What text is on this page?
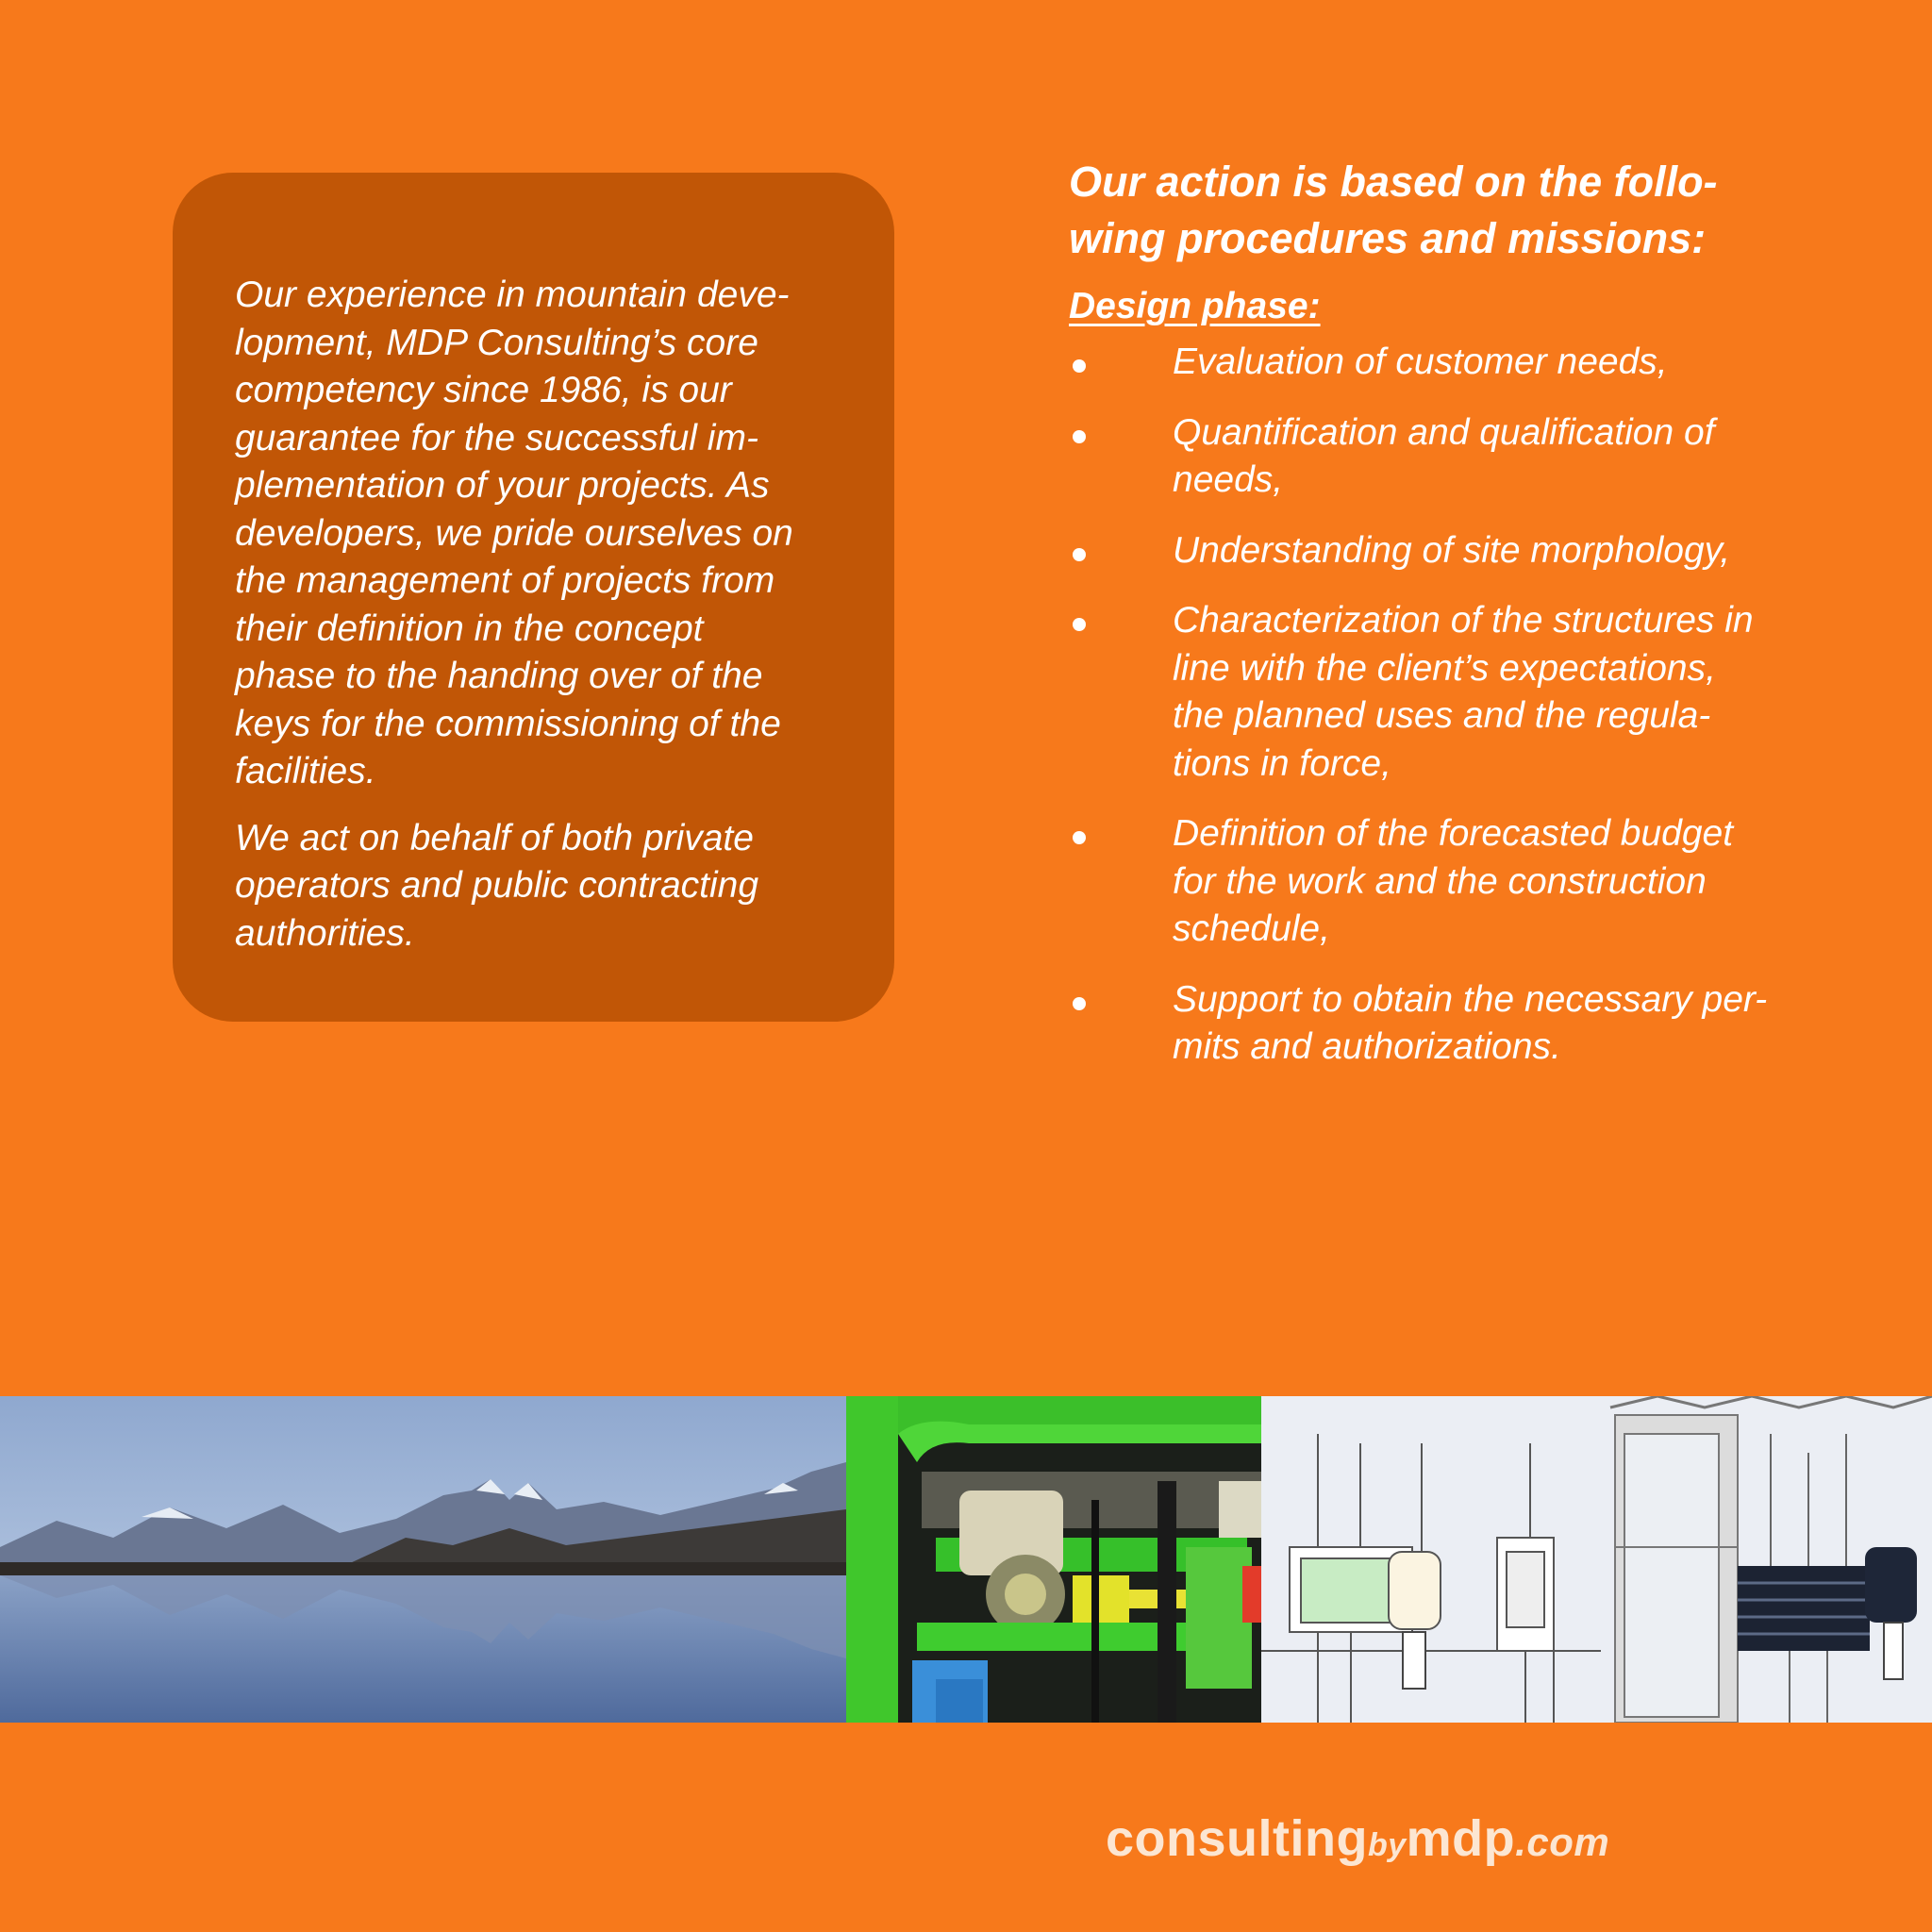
Our experience in mountain deve-
lopment, MDP Consulting’s core
competency since 1986, is our
guarantee for the successful im-
plementation of your projects. As
developers, we pride ourselves on
the management of projects from
their definition in the concept
phase to the handing over of the
keys for the commissioning of the
facilities.

We act on behalf of both private
operators and public contracting
authorities.

Our action is based on the follo-
wing procedures and missions:
Design phase:
Evaluation of customer needs,
Quantification and qualification of
needs,
Understanding of site morphology,
Characterization of the structures in
line with the client’s expectations,
the planned uses and the regula-
tions in force,
Definition of the forecasted budget
for the work and the construction
schedule,
Support to obtain the necessary per-
mits and authorizations.
consultingbymdp.com
